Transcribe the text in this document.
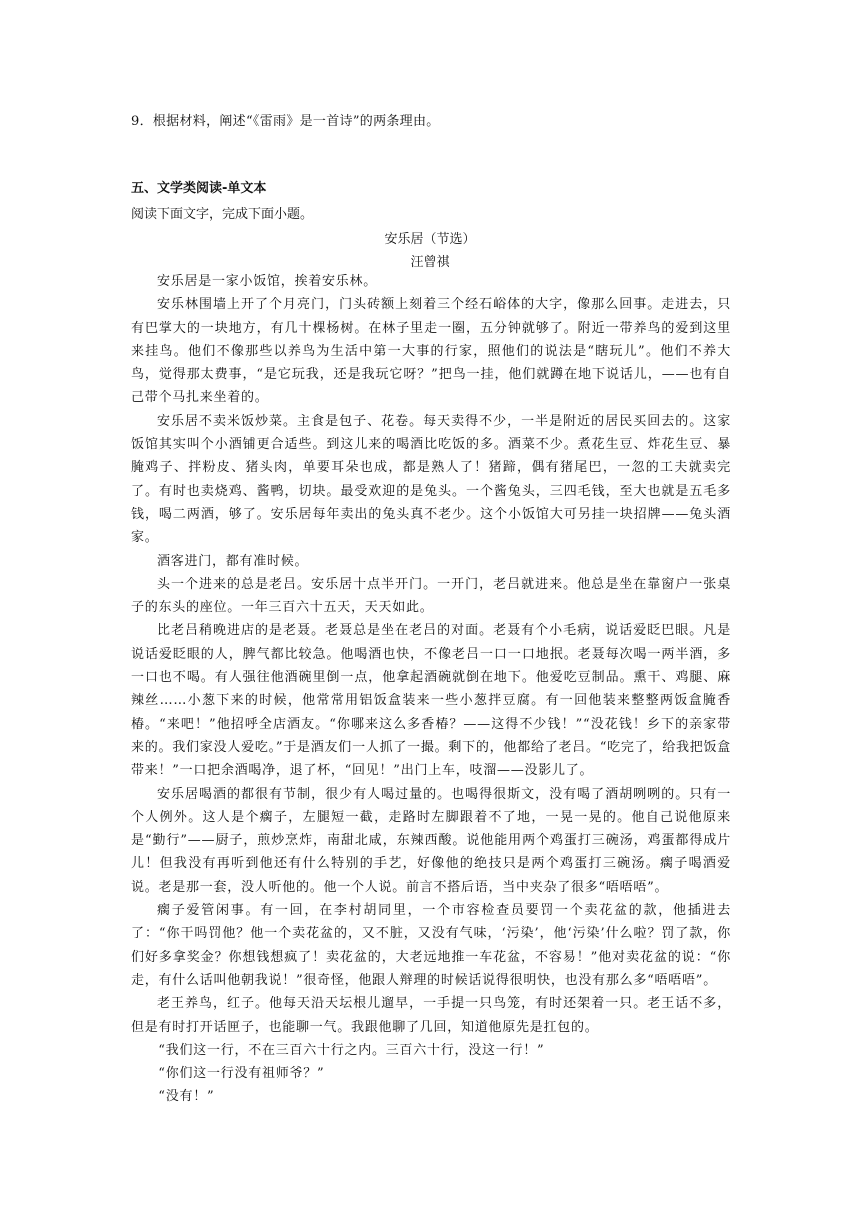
9．根据材料，阐述“《雷雨》是一首诗”的两条理由。
五、文学类阅读-单文本
阅读下面文字，完成下面小题。
安乐居（节选）
汪曾祺

安乐居是一家小饭馆，挨着安乐林。

安乐林围墙上开了个月亮门，门头砖额上刻着三个经石峪体的大字，像那么回事。走进去，只有巴掌大的一块地方，有几十棵杨树。在林子里走一圈，五分钟就够了。附近一带养鸟的爱到这里来挂鸟。他们不像那些以养鸟为生活中第一大事的行家，照他们的说法是“瞎玩儿”。他们不养大鸟，觉得那太费事，“是它玩我，还是我玩它呀？”把鸟一挂，他们就蹲在地下说话儿，——也有自己带个马扎来坐着的。

安乐居不卖米饭炒菜。主食是包子、花卷。每天卖得不少，一半是附近的居民买回去的。这家饭馆其实叫个小酒铺更合适些。到这儿来的喝酒比吃饭的多。酒菜不少。煮花生豆、炸花生豆、暴腌鸡子、拌粉皮、猪头肉，单要耳朵也成，都是熟人了！猪蹄，偶有猪尾巴，一忽的工夫就卖完了。有时也卖烧鸡、酱鸭，切块。最受欢迎的是兔头。一个酱兔头，三四毛钱，至大也就是五毛多钱，喝二两酒，够了。安乐居每年卖出的兔头真不老少。这个小饭馆大可另挂一块招牌——兔头酒家。

酒客进门，都有准时候。

头一个进来的总是老吕。安乐居十点半开门。一开门，老吕就进来。他总是坐在靠窗户一张桌子的东头的座位。一年三百六十五天，天天如此。

比老吕稍晚进店的是老聂。老聂总是坐在老吕的对面。老聂有个小毛病，说话爱眨巴眼。凡是说话爱眨眼的人，脾气都比较急。他喝酒也快，不像老吕一口一口地抿。老聂每次喝一两半酒，多一口也不喝。有人强往他酒碗里倒一点，他拿起酒碗就倒在地下。他爱吃豆制品。熏干、鸡腿、麻辣丝……小葱下来的时候，他常常用铝饭盒装来一些小葱拌豆腐。有一回他装来整整两饭盒腌香椿。“来吧！”他招呼全店酒友。“你哪来这么多香椿？——这得不少钱！”“没花钱！乡下的亲家带来的。我们家没人爱吃。”于是酒友们一人抓了一撮。剩下的，他都给了老吕。“吃完了，给我把饭盒带来！”一口把余酒喝净，退了杯，“回见！”出门上车，吱溜——没影儿了。

安乐居喝酒的都很有节制，很少有人喝过量的。也喝得很斯文，没有喝了酒胡咧咧的。只有一个人例外。这人是个瘸子，左腿短一截，走路时左脚跟着不了地，一晃一晃的。他自己说他原来是“勤行”——厨子，煎炒烹炸，南甜北咸，东辣西酸。说他能用两个鸡蛋打三碗汤，鸡蛋都得成片儿！但我没有再听到他还有什么特别的手艺，好像他的绝技只是两个鸡蛋打三碗汤。瘸子喝酒爱说。老是那一套，没人听他的。他一个人说。前言不搭后语，当中夹杂了很多“唔唔唔”。

瘸子爱管闲事。有一回，在李村胡同里，一个市容检查员要罚一个卖花盆的款，他插进去了：“你干吗罚他？他一个卖花盆的，又不脏，又没有气味，‘污染’，他‘污染’什么啦？罚了款，你们好多拿奖金？你想钱想疯了！卖花盆的，大老远地推一车花盆，不容易！”他对卖花盆的说：“你走，有什么话叫他朝我说！”很奇怪，他跟人辩理的时候话说得很明快，也没有那么多“唔唔唔”。

老王养鸟，红子。他每天沿天坛根儿遛早，一手提一只鸟笼，有时还架着一只。老王话不多，但是有时打开话匣子，也能聊一气。我跟他聊了几回，知道他原先是扛包的。

“我们这一行，不在三百六十行之内。三百六十行，没这一行！”

“你们这一行没有祖师爷？”

“没有！”
